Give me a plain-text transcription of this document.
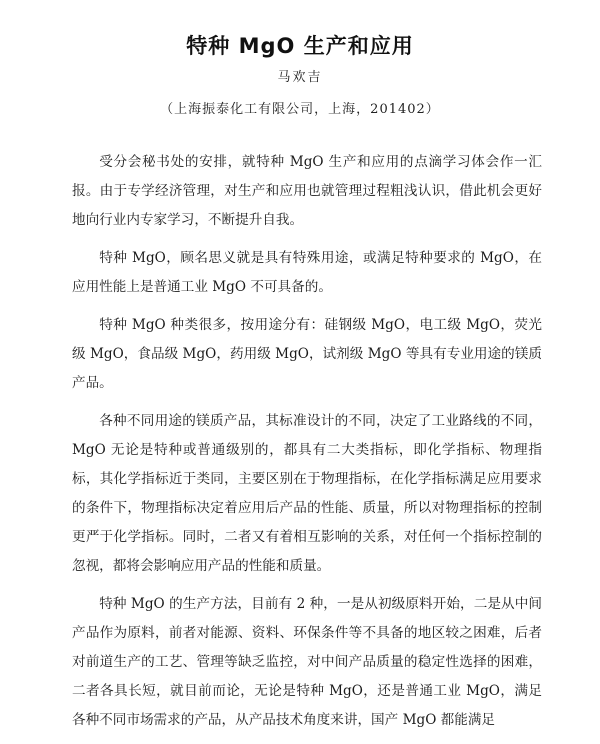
特种 MgO 生产和应用
马欢吉
（上海振泰化工有限公司，上海，201402）

受分会秘书处的安排，就特种 MgO 生产和应用的点滴学习体会作一汇报。由于专学经济管理，对生产和应用也就管理过程粗浅认识，借此机会更好地向行业内专家学习，不断提升自我。

特种 MgO，顾名思义就是具有特殊用途，或满足特种要求的 MgO，在应用性能上是普通工业 MgO 不可具备的。

特种 MgO 种类很多，按用途分有：硅钢级 MgO，电工级 MgO，荧光级 MgO，食品级 MgO，药用级 MgO，试剂级 MgO 等具有专业用途的镁质产品。

各种不同用途的镁质产品，其标准设计的不同，决定了工业路线的不同，MgO 无论是特种或普通级别的，都具有二大类指标，即化学指标、物理指标，其化学指标近于类同，主要区别在于物理指标，在化学指标满足应用要求的条件下，物理指标决定着应用后产品的性能、质量，所以对物理指标的控制更严于化学指标。同时，二者又有着相互影响的关系，对任何一个指标控制的忽视，都将会影响应用产品的性能和质量。

特种 MgO 的生产方法，目前有 2 种，一是从初级原料开始，二是从中间产品作为原料，前者对能源、资料、环保条件等不具备的地区较之困难，后者对前道生产的工艺、管理等缺乏监控，对中间产品质量的稳定性选择的困难，二者各具长短，就目前而论，无论是特种 MgO，还是普通工业 MgO，满足各种不同市场需求的产品，从产品技术角度来讲，国产 MgO 都能满足
